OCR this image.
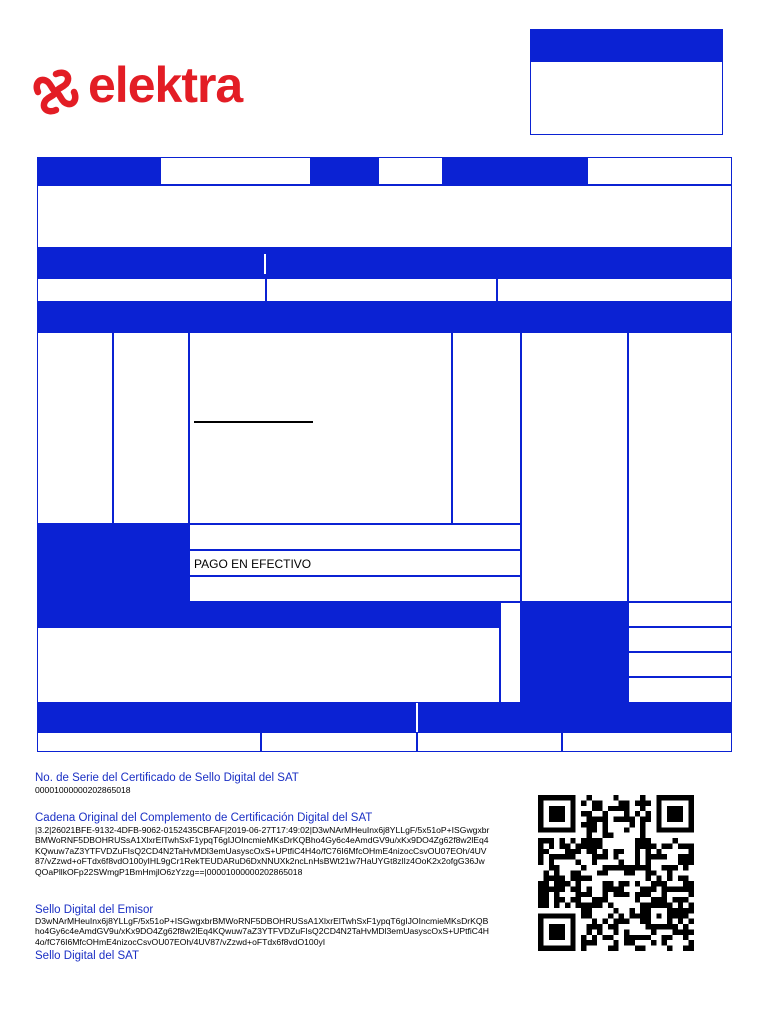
elektra
PAGO EN EFECTIVO
No. de Serie del Certificado de Sello Digital del SAT
00001000000202865018
Cadena Original del Complemento de Certificación Digital del SAT
|3.2|26021BFE-9132-4DFB-9062-0152435CBFAF|2019-06-27T17:49:02|D3wNArMHeuInx6j8YLLgF/5x51oP+ISGwgxbrBMWoRNF5DBOHRUSsA1XlxrElTwhSxF1ypqT6gIJOIncmieMKsDrKQBho4Gy6c4eAmdGV9u/xKx9DO4Zg62f8w2lEq4KQwuw7aZ3YTFVDZuFIsQ2CD4N2TaHvMDl3emUasyscOxS+UPtfiC4H4o/fC76I6MfcOHmE4nizocCsvOU07EOh/4UV87/vZzwd+oFTdx6f8vdO100yIHL9gCr1RekTEUDARuD6DxNNUXk2ncLnHsBWt21w7HaUYGt8zlIz4OoK2x2ofgG36JwQOaPllkOFp22SWmgP1BmHmjlO6zYzzg==|00001000000202865018
Sello Digital del Emisor
D3wNArMHeuInx6j8YLLgF/5x51oP+ISGwgxbrBMWoRNF5DBOHRUSsA1XlxrElTwhSxF1ypqT6gIJOIncmieMKsDrKQBho4Gy6c4eAmdGV9u/xKx9DO4Zg62f8w2lEq4KQwuw7aZ3YTFVDZuFIsQ2CD4N2TaHvMDl3emUasyscOxS+UPtfiC4H4o/fC76I6MfcOHmE4nizocCsvOU07EOh/4UV87/vZzwd+oFTdx6f8vdO100yI
Sello Digital del SAT
